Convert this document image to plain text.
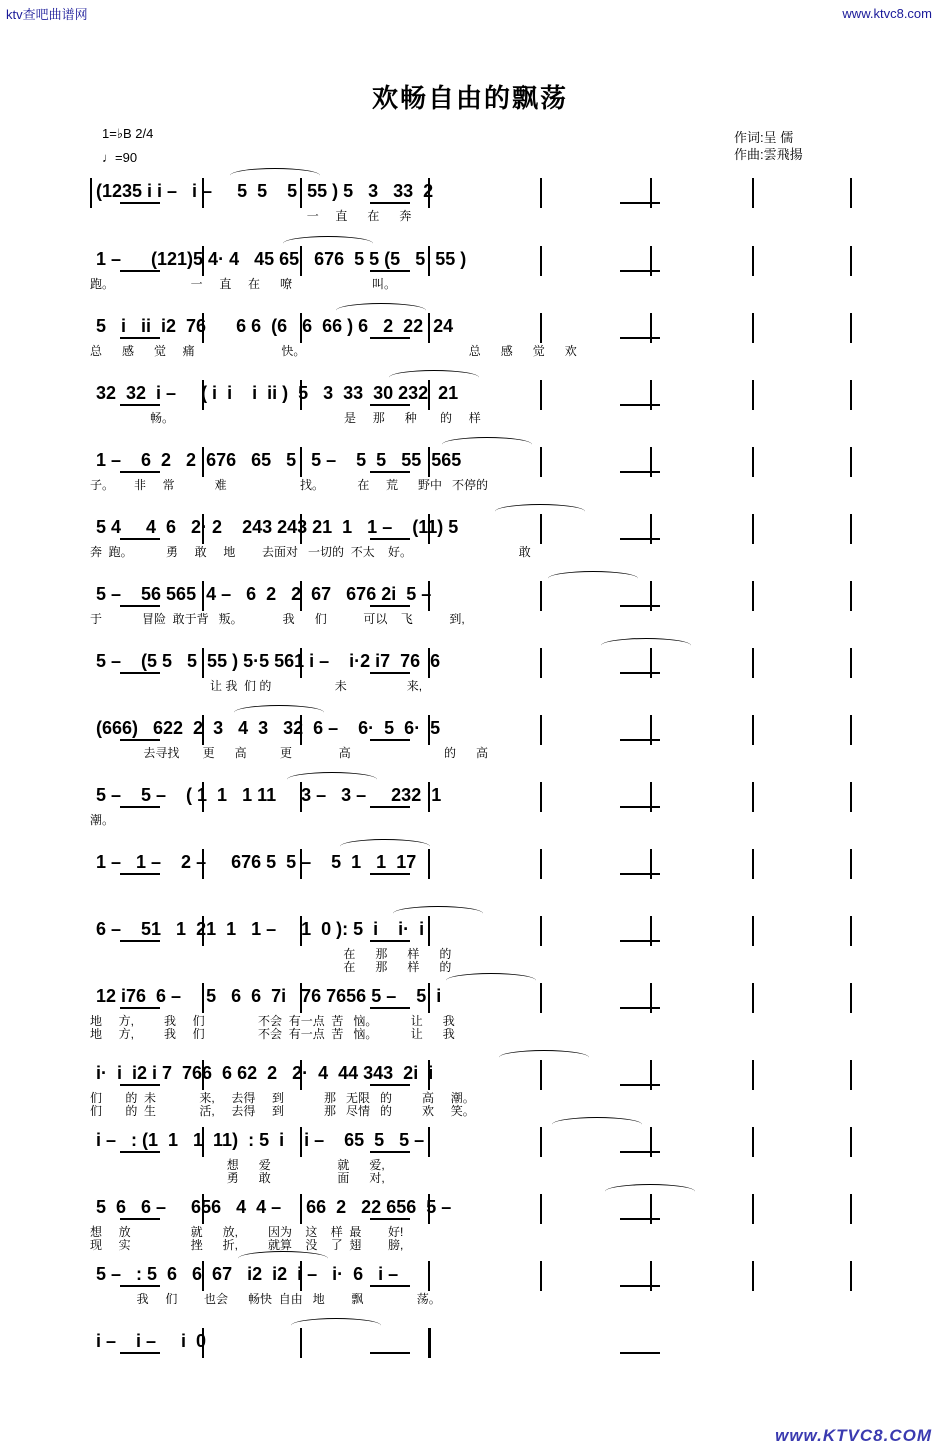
ktv查吧曲谱网	www.ktvc8.com
www.KTVC8.COM
欢畅自由的飘荡
1=♭B 2/4
♩=90
作词:呈 儒
作曲:雲飛揚
(1235 i i –   i –     5  5    5  55 ) 5   3   33  2
一     直      在      奔
1 –      (121)5 4· 4   45 65   676  5 5 (5   5  55 )
跑。                       一     直     在      嘹                        叫。
5   i   ii  i2  76      6 6  (6   6  66 ) 6   2  22  24
总      感      觉     痛                          快。                                                 总      感      觉      欢
32  32  i –     ( i  i    i  ii )  5   3  33  30 232  21
畅。                                                   是     那      种       的     样
1 –    6  2   2  676   65   5   5 –    5  5   55  565
子。      非     常            难                      找。          在     荒      野中   不停的
5 4     4  6   2· 2    243 243 21  1   1 –    (11) 5
奔  跑。          勇     敢     地        去面对   一切的  不太    好。                                敢
5 –    56 565  4 –   6  2   2  67   676 2i  5 –
于            冒险  敢于背   叛。            我      们           可以    飞           到,
5 –    (5 5   5  55 ) 5·5 561 i –    i·2 i7  76  6
让 我  们 的                   未                  来,
(666)   622  2  3   4  3   32  6 –    6·  5  6·  5
去寻找       更      高          更              高                            的      高
5 –    5 –    ( 1  1   1 11     3 –   3 –     232  1
潮。
1 –   1 –    2 –     676 5  5 –    5  1   1  17
6 –    51   1  21  1   1 –     1  0 ): 5  i    i·  i
在      那      样      的
在      那      样      的
12 i76  6 –     5   6  6  7i   76 7656 5 –    5  i
地     方,         我     们                不会  有一点  苦   恼。          让      我
地     方,         我     们                不会  有一点  苦   恼。          让      我
i·  i  i2 i 7  766  6 62  2   2·  4  44 343  2i  i
们       的  未             来,     去得     到            那   无限   的         高     潮。
们       的  生             活,     去得     到            那   尽情   的         欢     笑。
i –   : (1  1   1  11)  : 5  i    i –    65  5   5 –
想      爱                    就      爱,
勇      敢                    面      对,
5  6   6 –     656   4  4 –     66  2   22 656  5 –
想     放                  就      放,         因为    这    样  最        好!
现     实                  挫      折,         就算    没    了  翅        膀,
5 –   : 5  6   6  67   i2  i2  i –   i·  6   i –
我     们        也会      畅快  自由   地        飘                荡。
i –    i –     i  0
